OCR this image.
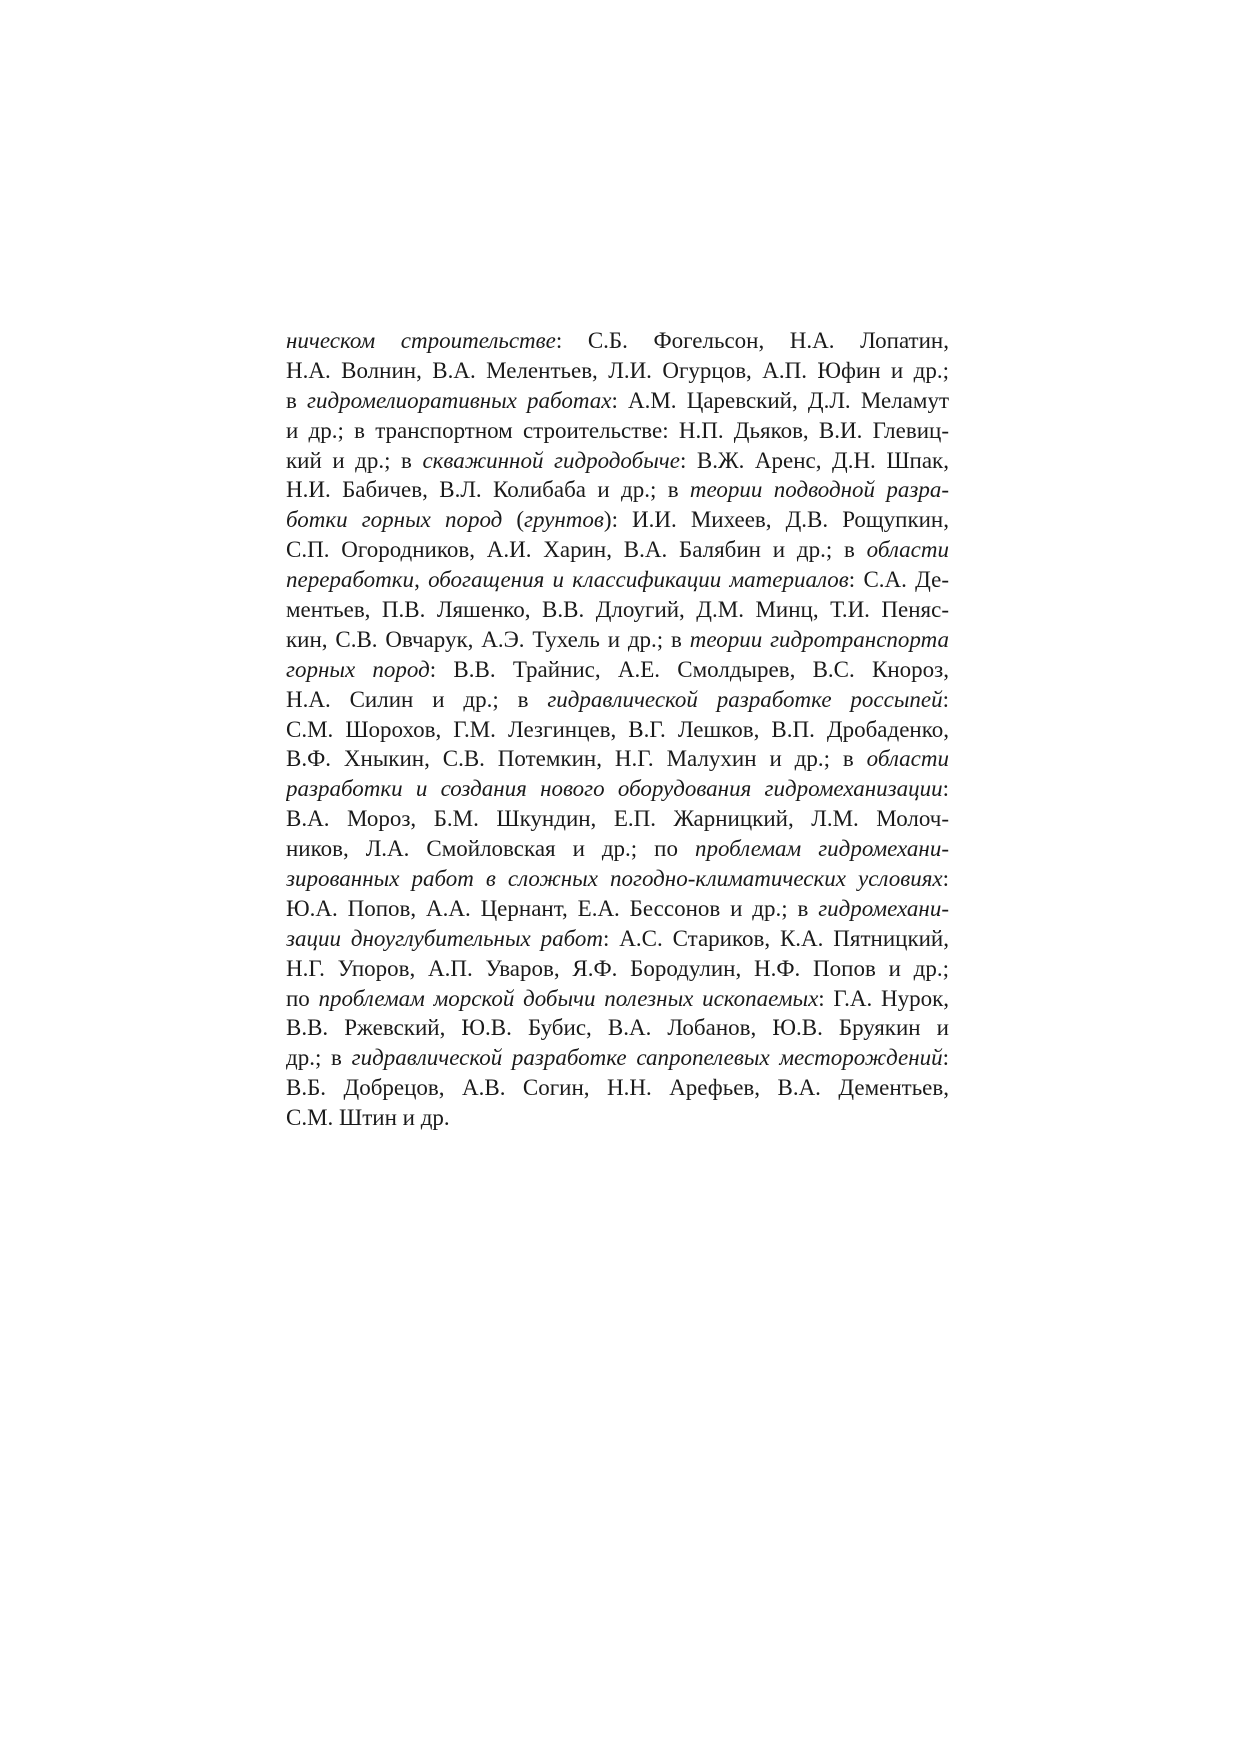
ническом строительстве: С.Б. Фогельсон, Н.А. Лопатин,
Н.А. Волнин, В.А. Мелентьев, Л.И. Огурцов, А.П. Юфин и др.;
в гидромелиоративных работах: А.М. Царевский, Д.Л. Меламут
и др.; в транспортном строительстве: Н.П. Дьяков, В.И. Глевиц-
кий и др.; в скважинной гидродобыче: В.Ж. Аренс, Д.Н. Шпак,
Н.И. Бабичев, В.Л. Колибаба и др.; в теории подводной разра-
ботки горных пород (грунтов): И.И. Михеев, Д.В. Рощупкин,
С.П. Огородников, А.И. Харин, В.А. Балябин и др.; в области
переработки, обогащения и классификации материалов: С.А. Де-
ментьев, П.В. Ляшенко, В.В. Длоугий, Д.М. Минц, Т.И. Пеняс-
кин, С.В. Овчарук, А.Э. Тухель и др.; в теории гидротранспорта
горных пород: В.В. Трайнис, А.Е. Смолдырев, В.С. Кнороз,
Н.А. Силин и др.; в гидравлической разработке россыпей:
С.М. Шорохов, Г.М. Лезгинцев, В.Г. Лешков, В.П. Дробаденко,
В.Ф. Хныкин, С.В. Потемкин, Н.Г. Малухин и др.; в области
разработки и создания нового оборудования гидромеханизации:
В.А. Мороз, Б.М. Шкундин, Е.П. Жарницкий, Л.М. Молоч-
ников, Л.А. Смойловская и др.; по проблемам гидромехани-
зированных работ в сложных погодно-климатических условиях:
Ю.А. Попов, А.А. Цернант, Е.А. Бессонов и др.; в гидромехани-
зации дноуглубительных работ: А.С. Стариков, К.А. Пятницкий,
Н.Г. Упоров, А.П. Уваров, Я.Ф. Бородулин, Н.Ф. Попов и др.;
по проблемам морской добычи полезных ископаемых: Г.А. Нурок,
В.В. Ржевский, Ю.В. Бубис, В.А. Лобанов, Ю.В. Бруякин и
др.; в гидравлической разработке сапропелевых месторождений:
В.Б. Добрецов, А.В. Согин, Н.Н. Арефьев, В.А. Дементьев,
С.М. Штин и др.
